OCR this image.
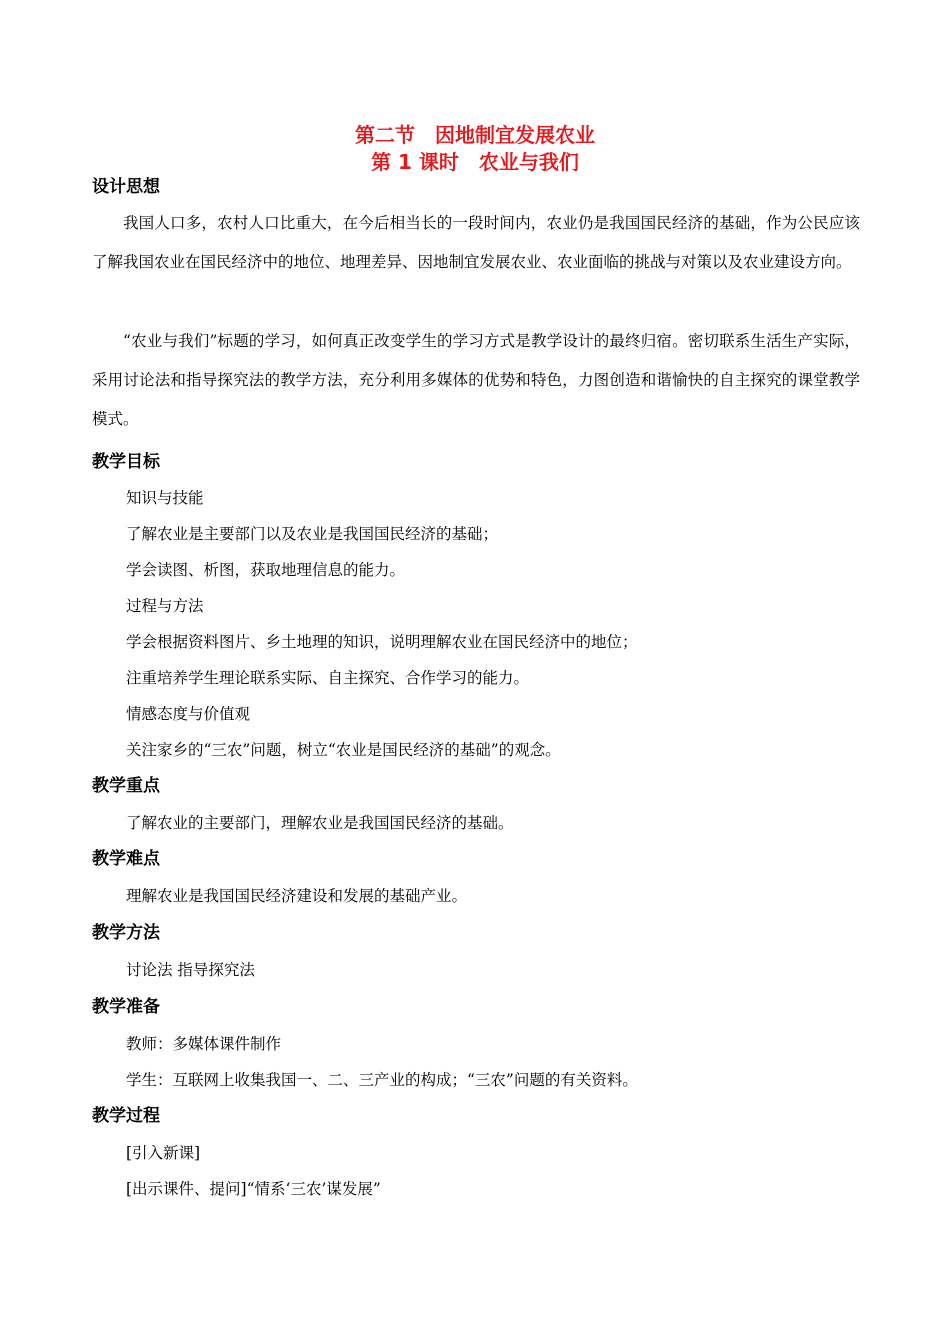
第二节　因地制宜发展农业
第 1 课时　农业与我们
设计思想
我国人口多，农村人口比重大，在今后相当长的一段时间内，农业仍是我国国民经济的基础，作为公民应该了解我国农业在国民经济中的地位、地理差异、因地制宜发展农业、农业面临的挑战与对策以及农业建设方向。
“农业与我们”标题的学习，如何真正改变学生的学习方式是教学设计的最终归宿。密切联系生活生产实际，采用讨论法和指导探究法的教学方法，充分利用多媒体的优势和特色，力图创造和谐愉快的自主探究的课堂教学模式。
教学目标
知识与技能
了解农业是主要部门以及农业是我国国民经济的基础；
学会读图、析图，获取地理信息的能力。
过程与方法
学会根据资料图片、乡土地理的知识，说明理解农业在国民经济中的地位；
注重培养学生理论联系实际、自主探究、合作学习的能力。
情感态度与价值观
关注家乡的“三农”问题，树立“农业是国民经济的基础”的观念。
教学重点
了解农业的主要部门，理解农业是我国国民经济的基础。
教学难点
理解农业是我国国民经济建设和发展的基础产业。
教学方法
讨论法 指导探究法
教学准备
教师：多媒体课件制作
学生：互联网上收集我国一、二、三产业的构成；“三农”问题的有关资料。
教学过程
[引入新课]
[出示课件、提问]“情系‘三农’谋发展”
